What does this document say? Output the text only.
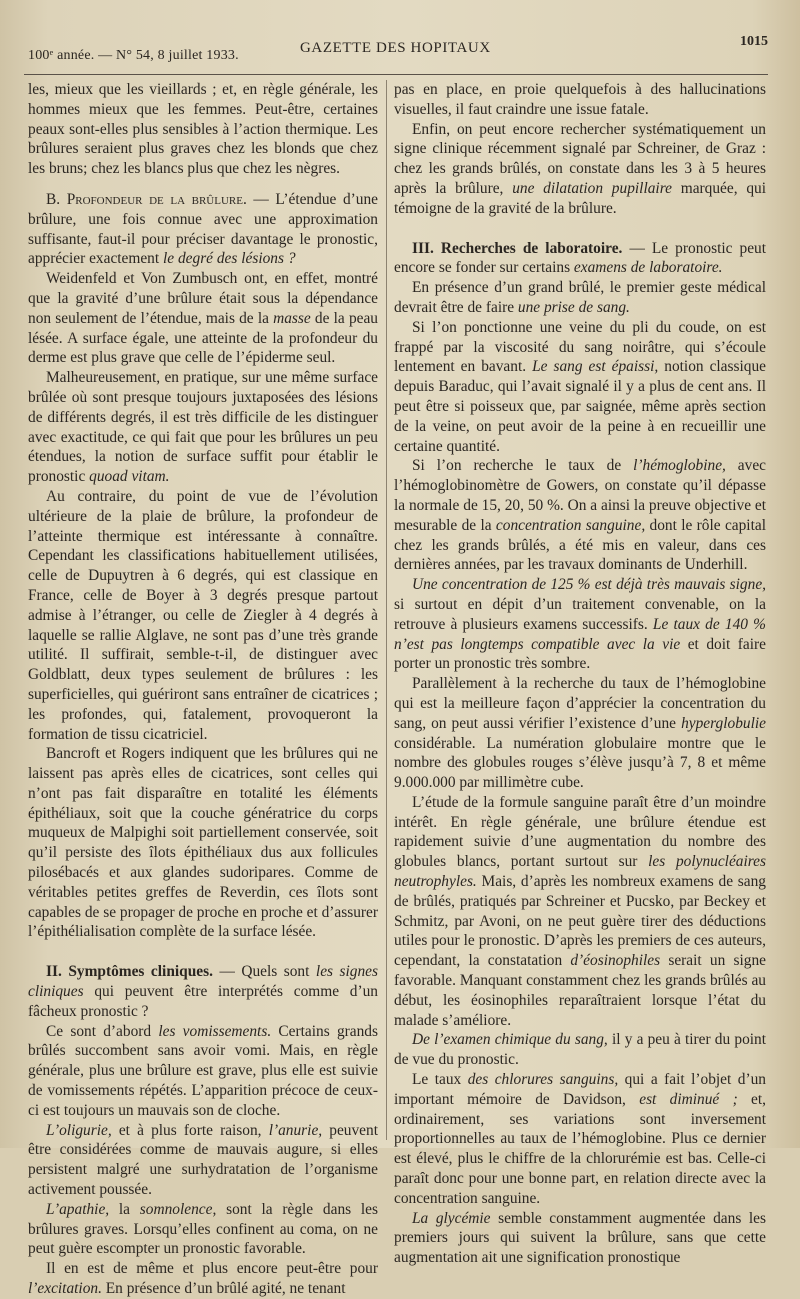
100ᵉ année. — N° 54, 8 juillet 1933.	GAZETTE DES HOPITAUX	1015

les, mieux que les vieillards ; et, en règle générale, les hommes mieux que les femmes. Peut-être, certaines peaux sont-elles plus sensibles à l’action thermique. Les brûlures seraient plus graves chez les blonds que chez les bruns; chez les blancs plus que chez les nègres.

B. Profondeur de la brûlure. — L’étendue d’une brûlure, une fois connue avec une approximation suffisante, faut-il pour préciser davantage le pronostic, apprécier exactement le degré des lésions ?

Weidenfeld et Von Zumbusch ont, en effet, montré que la gravité d’une brûlure était sous la dépendance non seulement de l’étendue, mais de la masse de la peau lésée. A surface égale, une atteinte de la profondeur du derme est plus grave que celle de l’épiderme seul.

Malheureusement, en pratique, sur une même surface brûlée où sont presque toujours juxtaposées des lésions de différents degrés, il est très difficile de les distinguer avec exactitude, ce qui fait que pour les brûlures un peu étendues, la notion de surface suffit pour établir le pronostic quoad vitam.

Au contraire, du point de vue de l’évolution ultérieure de la plaie de brûlure, la profondeur de l’atteinte thermique est intéressante à connaître. Cependant les classifications habituellement utilisées, celle de Dupuytren à 6 degrés, qui est classique en France, celle de Boyer à 3 degrés presque partout admise à l’étranger, ou celle de Ziegler à 4 degrés à laquelle se rallie Alglave, ne sont pas d’une très grande utilité. Il suffirait, semble-t-il, de distinguer avec Goldblatt, deux types seulement de brûlures : les superficielles, qui guériront sans entraîner de cicatrices ; les profondes, qui, fatalement, provoqueront la formation de tissu cicatriciel.

Bancroft et Rogers indiquent que les brûlures qui ne laissent pas après elles de cicatrices, sont celles qui n’ont pas fait disparaître en totalité les éléments épithéliaux, soit que la couche génératrice du corps muqueux de Malpighi soit partiellement conservée, soit qu’il persiste des îlots épithéliaux dus aux follicules pilosébacés et aux glandes sudoripares. Comme de véritables petites greffes de Reverdin, ces îlots sont capables de se propager de proche en proche et d’assurer l’épithélialisation complète de la surface lésée.

II. Symptômes cliniques. — Quels sont les signes cliniques qui peuvent être interprétés comme d’un fâcheux pronostic ?

Ce sont d’abord les vomissements. Certains grands brûlés succombent sans avoir vomi. Mais, en règle générale, plus une brûlure est grave, plus elle est suivie de vomissements répétés. L’apparition précoce de ceux-ci est toujours un mauvais son de cloche.

L’oligurie, et à plus forte raison, l’anurie, peuvent être considérées comme de mauvais augure, si elles persistent malgré une surhydratation de l’organisme activement poussée.

L’apathie, la somnolence, sont la règle dans les brûlures graves. Lorsqu’elles confinent au coma, on ne peut guère escompter un pronostic favorable.

Il en est de même et plus encore peut-être pour l’excitation. En présence d’un brûlé agité, ne tenant

pas en place, en proie quelquefois à des hallucinations visuelles, il faut craindre une issue fatale.

Enfin, on peut encore rechercher systématiquement un signe clinique récemment signalé par Schreiner, de Graz : chez les grands brûlés, on constate dans les 3 à 5 heures après la brûlure, une dilatation pupillaire marquée, qui témoigne de la gravité de la brûlure.

III. Recherches de laboratoire. — Le pronostic peut encore se fonder sur certains examens de laboratoire.

En présence d’un grand brûlé, le premier geste médical devrait être de faire une prise de sang.

Si l’on ponctionne une veine du pli du coude, on est frappé par la viscosité du sang noirâtre, qui s’écoule lentement en bavant. Le sang est épaissi, notion classique depuis Baraduc, qui l’avait signalé il y a plus de cent ans. Il peut être si poisseux que, par saignée, même après section de la veine, on peut avoir de la peine à en recueillir une certaine quantité.

Si l’on recherche le taux de l’hémoglobine, avec l’hémoglobinomètre de Gowers, on constate qu’il dépasse la normale de 15, 20, 50 %. On a ainsi la preuve objective et mesurable de la concentration sanguine, dont le rôle capital chez les grands brûlés, a été mis en valeur, dans ces dernières années, par les travaux dominants de Underhill.

Une concentration de 125 % est déjà très mauvais signe, si surtout en dépit d’un traitement convenable, on la retrouve à plusieurs examens successifs. Le taux de 140 % n’est pas longtemps compatible avec la vie et doit faire porter un pronostic très sombre.

Parallèlement à la recherche du taux de l’hémoglobine qui est la meilleure façon d’apprécier la concentration du sang, on peut aussi vérifier l’existence d’une hyperglobulie considérable. La numération globulaire montre que le nombre des globules rouges s’élève jusqu’à 7, 8 et même 9.000.000 par millimètre cube.

L’étude de la formule sanguine paraît être d’un moindre intérêt. En règle générale, une brûlure étendue est rapidement suivie d’une augmentation du nombre des globules blancs, portant surtout sur les polynucléaires neutrophyles. Mais, d’après les nombreux examens de sang de brûlés, pratiqués par Schreiner et Pucsko, par Beckey et Schmitz, par Avoni, on ne peut guère tirer des déductions utiles pour le pronostic. D’après les premiers de ces auteurs, cependant, la constatation d’éosinophiles serait un signe favorable. Manquant constamment chez les grands brûlés au début, les éosinophiles reparaîtraient lorsque l’état du malade s’améliore.

De l’examen chimique du sang, il y a peu à tirer du point de vue du pronostic.

Le taux des chlorures sanguins, qui a fait l’objet d’un important mémoire de Davidson, est diminué ; et, ordinairement, ses variations sont inversement proportionnelles au taux de l’hémoglobine. Plus ce dernier est élevé, plus le chiffre de la chlorurémie est bas. Celle-ci paraît donc pour une bonne part, en relation directe avec la concentration sanguine.

La glycémie semble constamment augmentée dans les premiers jours qui suivent la brûlure, sans que cette augmentation ait une signification pronostique
